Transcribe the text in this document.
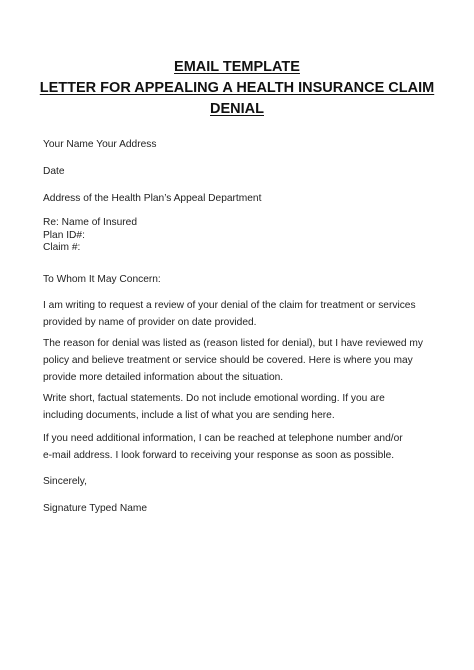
EMAIL TEMPLATE
LETTER FOR APPEALING A HEALTH INSURANCE CLAIM
DENIAL
Your Name Your Address
Date
Address of the Health Plan’s Appeal Department
Re: Name of Insured
Plan ID#:
Claim #:
To Whom It May Concern:
I am writing to request a review of your denial of the claim for treatment or services
provided by name of provider on date provided.
The reason for denial was listed as (reason listed for denial), but I have reviewed my
policy and believe treatment or service should be covered. Here is where you may
provide more detailed information about the situation.
Write short, factual statements. Do not include emotional wording. If you are
including documents, include a list of what you are sending here.
If you need additional information, I can be reached at telephone number and/or
e-mail address. I look forward to receiving your response as soon as possible.
Sincerely,
Signature Typed Name
